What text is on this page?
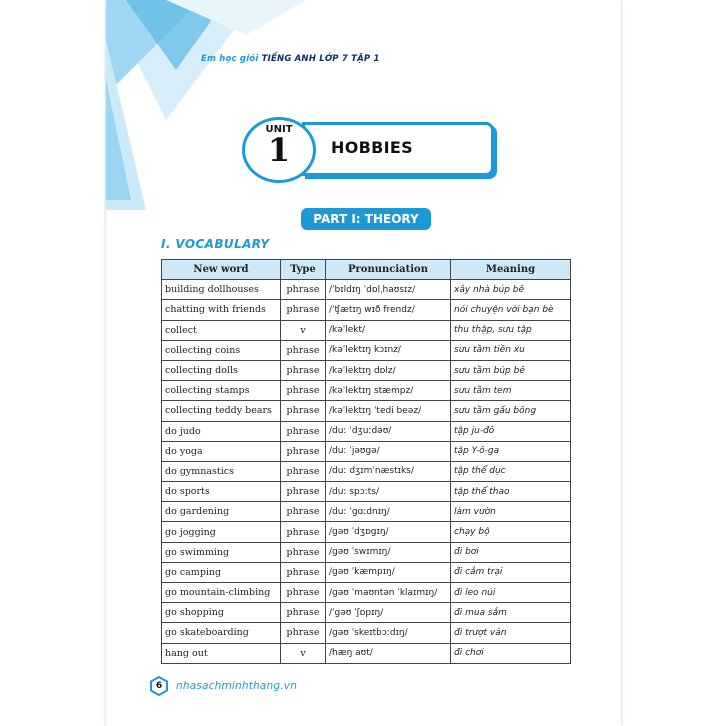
Em học giỏi TIẾNG ANH LỚP 7 TẬP 1
HOBBIES
UNIT
1
PART I: THEORY
I. VOCABULARY
New word	Type	Pronunciation	Meaning
building dollhouses	phrase	/ˈbɪldɪŋ ˈdɒlˌhaʊsɪz/	xây nhà búp bê
chatting with friends	phrase	/ˈʧætɪŋ wɪð frendz/	nói chuyện với bạn bè
collect	v	/kəˈlekt/	thu thập, sưu tập
collecting coins	phrase	/kəˈlektɪŋ kɔɪnz/	sưu tầm tiền xu
collecting dolls	phrase	/kəˈlektɪŋ dɒlz/	sưu tầm búp bê
collecting stamps	phrase	/kəˈlektɪŋ stæmpz/	sưu tầm tem
collecting teddy bears	phrase	/kəˈlektɪŋ ˈtedi beəz/	sưu tầm gấu bông
do judo	phrase	/duː ˈdʒuːdəʊ/	tập ju-đô
do yoga	phrase	/duː ˈjəʊgə/	tập Y-ô-ga
do gymnastics	phrase	/duː dʒɪmˈnæstɪks/	tập thể dục
do sports	phrase	/duː spɔːts/	tập thể thao
do gardening	phrase	/duː ˈgɑːdnɪŋ/	làm vườn
go jogging	phrase	/gəʊ ˈdʒɒgɪŋ/	chạy bộ
go swimming	phrase	/gəʊ ˈswɪmɪŋ/	đi bơi
go camping	phrase	/gəʊ ˈkæmpɪŋ/	đi cắm trại
go mountain-climbing	phrase	/gəʊ ˈmaʊntən ˈklaɪmɪŋ/	đi leo núi
go shopping	phrase	/ˈgəʊ ˈʃɒpɪŋ/	đi mua sắm
go skateboarding	phrase	/gəʊ ˈskeɪtbɔːdɪŋ/	đi trượt ván
hang out	v	/hæŋ aʊt/	đi chơi
6	nhasachminhthang.vn
